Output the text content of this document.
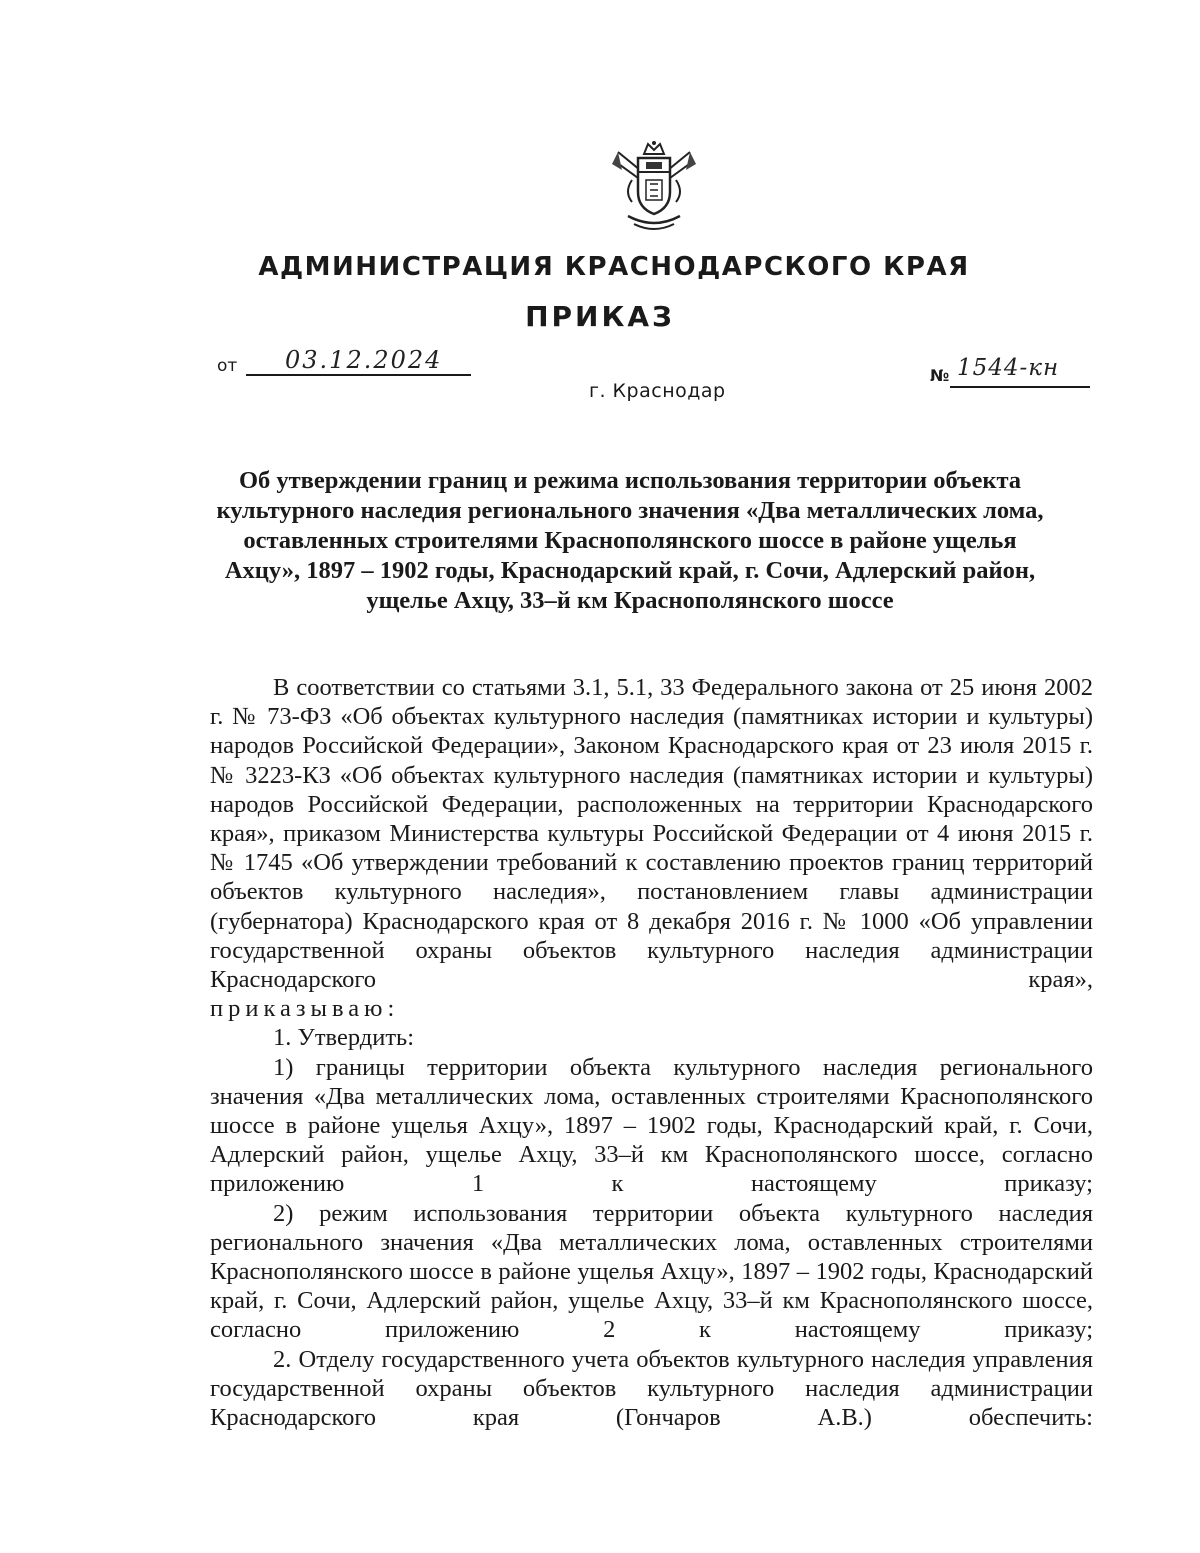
АДМИНИСТРАЦИЯ КРАСНОДАРСКОГО КРАЯ
ПРИКАЗ
от 03.12.2024
г. Краснодар
№ 1544-кн
Об утверждении границ и режима использования территории объекта
культурного наследия регионального значения «Два металлических лома,
оставленных строителями Краснополянского шоссе в районе ущелья
Ахцу», 1897 – 1902 годы, Краснодарский край, г. Сочи, Адлерский район,
ущелье Ахцу, 33–й км Краснополянского шоссе

В соответствии со статьями 3.1, 5.1, 33 Федерального закона от 25 июня 2002 г. № 73-ФЗ «Об объектах культурного наследия (памятниках истории и культуры) народов Российской Федерации», Законом Краснодарского края от 23 июля 2015 г. № 3223-КЗ «Об объектах культурного наследия (памятниках истории и культуры) народов Российской Федерации, расположенных на территории Краснодарского края», приказом Министерства культуры Российской Федерации от 4 июня 2015 г. № 1745 «Об утверждении требований к составлению проектов границ территорий объектов культурного наследия», постановлением главы администрации (губернатора) Краснодарского края от 8 декабря 2016 г. № 1000 «Об управлении государственной охраны объектов культурного наследия администрации Краснодарского края»,

приказываю:

1. Утвердить:

1) границы территории объекта культурного наследия регионального значения «Два металлических лома, оставленных строителями Краснополянского шоссе в районе ущелья Ахцу», 1897 – 1902 годы, Краснодарский край, г. Сочи, Адлерский район, ущелье Ахцу, 33–й км Краснополянского шоссе, согласно приложению 1 к настоящему приказу;

2) режим использования территории объекта культурного наследия регионального значения «Два металлических лома, оставленных строителями Краснополянского шоссе в районе ущелья Ахцу», 1897 – 1902 годы, Краснодарский край, г. Сочи, Адлерский район, ущелье Ахцу, 33–й км Краснополянского шоссе, согласно приложению 2 к настоящему приказу;

2. Отделу государственного учета объектов культурного наследия управления государственной охраны объектов культурного наследия администрации Краснодарского края (Гончаров А.В.) обеспечить:
